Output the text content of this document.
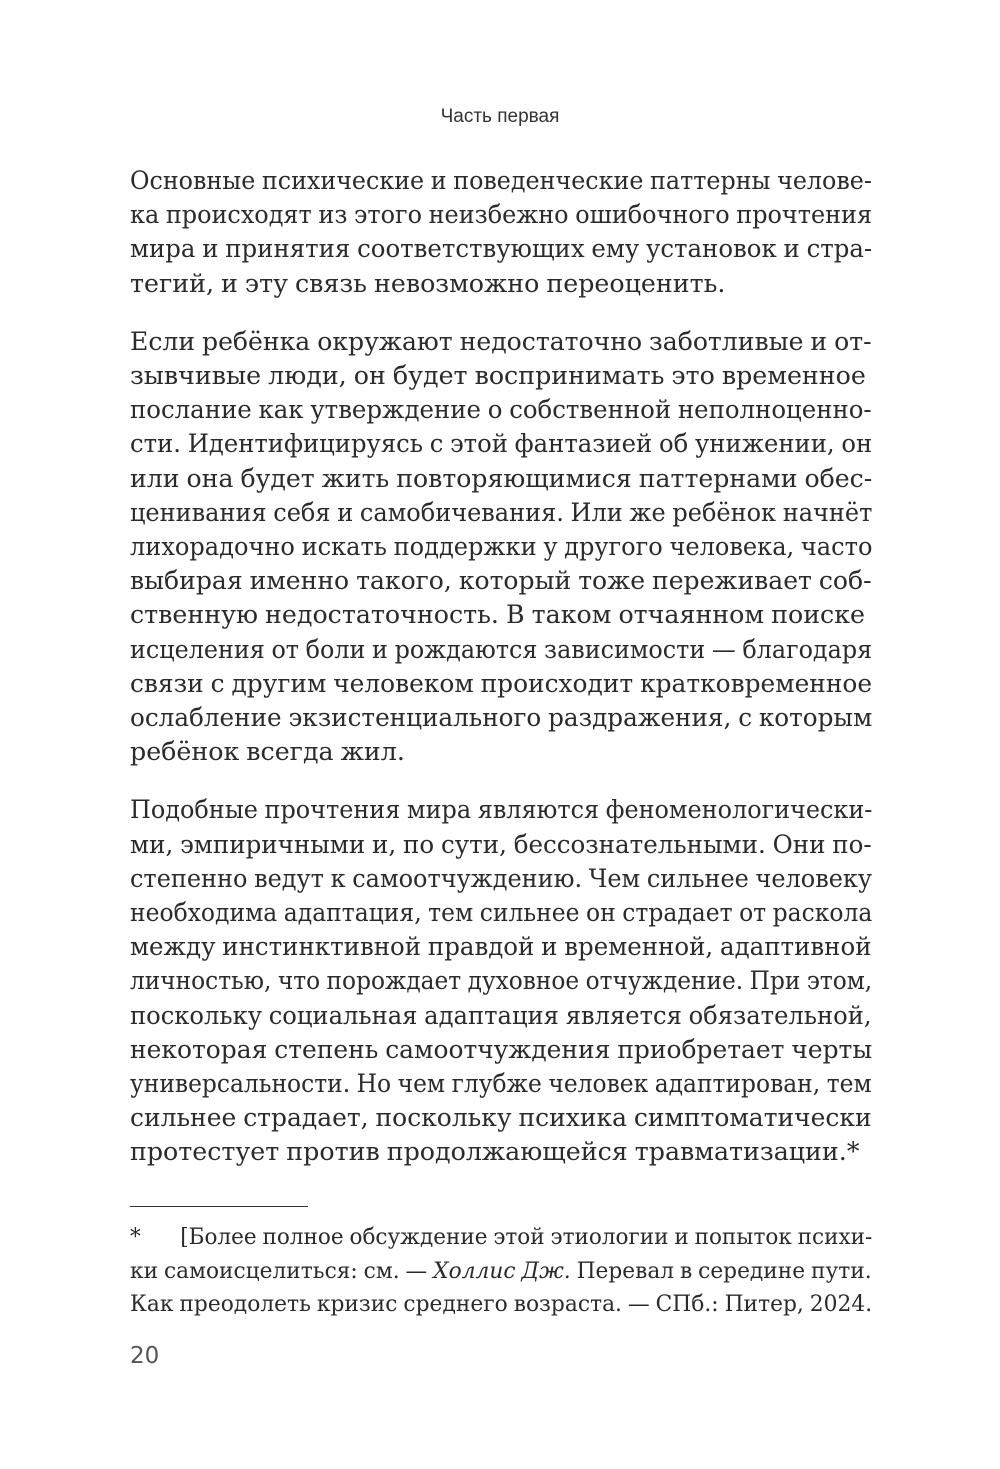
Часть первая

Основные психические и поведенческие паттерны челове-
ка происходят из этого неизбежно ошибочного прочтения
мира и принятия соответствующих ему установок и стра-
тегий, и эту связь невозможно переоценить.

Если ребёнка окружают недостаточно заботливые и от-
зывчивые люди, он будет воспринимать это временное
послание как утверждение о собственной неполноценно-
сти. Идентифицируясь с этой фантазией об унижении, он
или она будет жить повторяющимися паттернами обес-
ценивания себя и самобичевания. Или же ребёнок начнёт
лихорадочно искать поддержки у другого человека, часто
выбирая именно такого, который тоже переживает соб-
ственную недостаточность. В таком отчаянном поиске
исцеления от боли и рождаются зависимости — благодаря
связи с другим человеком происходит кратковременное
ослабление экзистенциального раздражения, с которым
ребёнок всегда жил.

Подобные прочтения мира являются феноменологически-
ми, эмпиричными и, по сути, бессознательными. Они по-
степенно ведут к самоотчуждению. Чем сильнее человеку
необходима адаптация, тем сильнее он страдает от раскола
между инстинктивной правдой и временной, адаптивной
личностью, что порождает духовное отчуждение. При этом,
поскольку социальная адаптация является обязательной,
некоторая степень самоотчуждения приобретает черты
универсальности. Но чем глубже человек адаптирован, тем
сильнее страдает, поскольку психика симптоматически
протестует против продолжающейся травматизации.*

* [Более полное обсуждение этой этиологии и попыток психи-
ки самоисцелиться: см. — Холлис Дж. Перевал в середине пути.
Как преодолеть кризис среднего возраста. — СПб.: Питер, 2024.
20
